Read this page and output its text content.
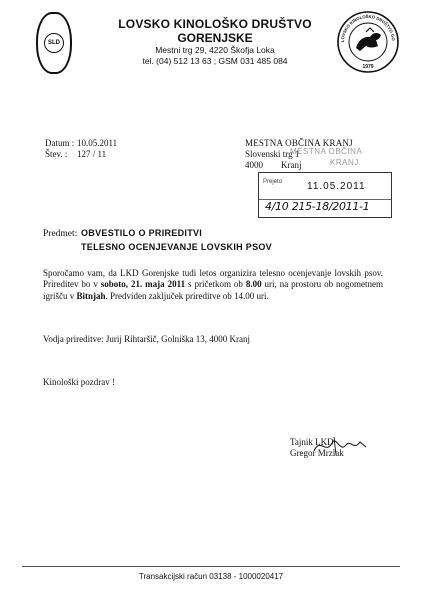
SLD
LOVSKO KINOLOŠKO DRUŠTVO
GORENJSKE
Mestni trg 29, 4220 Škofja Loka
tel. (04) 512 13 63 ; GSM 031 485 084
LOVSKO KINOLOŠKO DRUŠTVO GO
1979
Datum : 10.05.2011
Štev. :	127 / 11
MESTNA OBČINA KRANJ
Slovenski trg 1
4000 Kranj
MESTNA OBČINA
KRANJ
Prejeto 11.05.2011
4/10 215-18/2011-1
Predmet: OBVESTILO O PRIREDITVI
TELESNO OCENJEVANJE LOVSKIH PSOV
Sporočamo vam, da LKD Gorenjske tudi letos organizira telesno ocenjevanje lovskih psov. Prireditev bo v soboto, 21. maja 2011 s pričetkom ob 8.00 uri, na prostoru ob nogometnem igrišču v Bitnjah. Predviden zaključek prireditve ob 14.00 uri.
Vodja prireditve: Jurij Rihtaršič, Golniška 13, 4000 Kranj
Kinološki pozdrav !
Tajnik LKD
Gregor Mrzlak
Transakcijski račun 03138 - 1000020417
